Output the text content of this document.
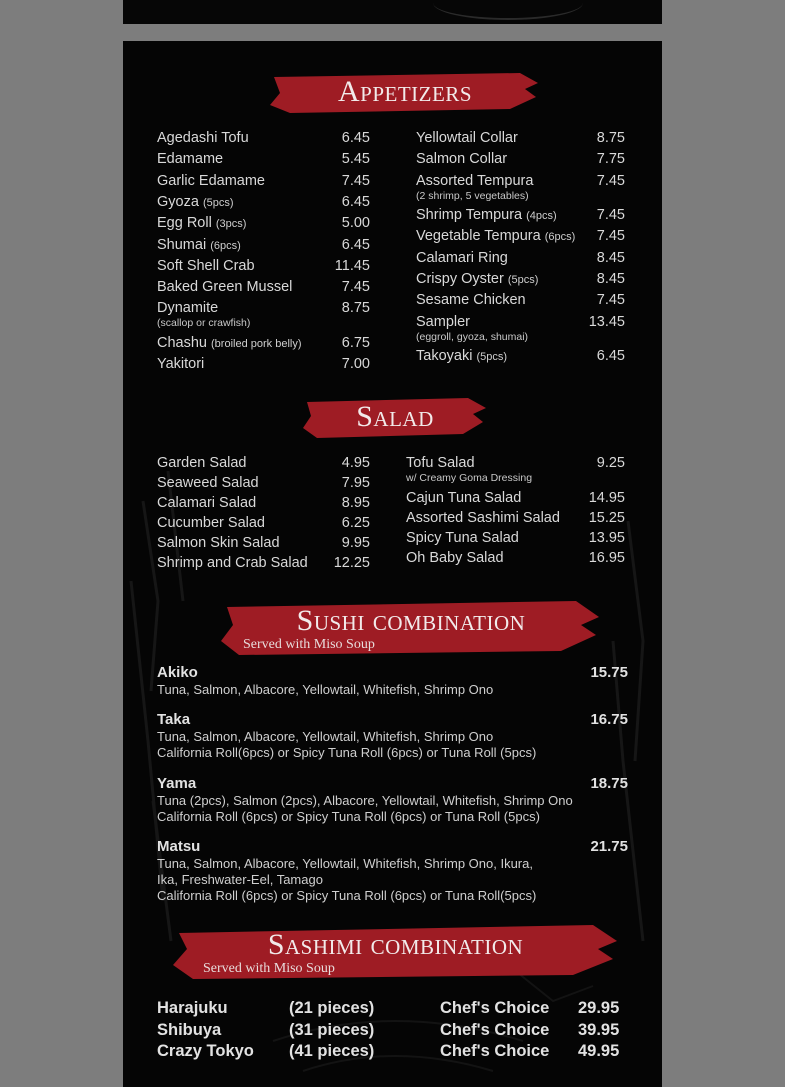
Appetizers
Agedashi Tofu	6.45
Edamame	5.45
Garlic Edamame	7.45
Gyoza (5pcs)	6.45
Egg Roll (3pcs)	5.00
Shumai (6pcs)	6.45
Soft Shell Crab	11.45
Baked Green Mussel	7.45
Dynamite	8.75
(scallop or crawfish)
Chashu (broiled pork belly)	6.75
Yakitori	7.00
Yellowtail Collar	8.75
Salmon Collar	7.75
Assorted Tempura	7.45
(2 shrimp, 5 vegetables)
Shrimp Tempura (4pcs)	7.45
Vegetable Tempura (6pcs)	7.45
Calamari Ring	8.45
Crispy Oyster (5pcs)	8.45
Sesame Chicken	7.45
Sampler	13.45
(eggroll, gyoza, shumai)
Takoyaki (5pcs)	6.45
Salad
Garden Salad	4.95
Seaweed Salad	7.95
Calamari Salad	8.95
Cucumber Salad	6.25
Salmon Skin Salad	9.95
Shrimp and Crab Salad	12.25
Tofu Salad	9.25
w/ Creamy Goma Dressing
Cajun Tuna Salad	14.95
Assorted Sashimi Salad	15.25
Spicy Tuna Salad	13.95
Oh Baby Salad	16.95
Sushi combination
Served with Miso Soup
Akiko	15.75
Tuna, Salmon, Albacore, Yellowtail, Whitefish, Shrimp Ono
Taka	16.75
Tuna, Salmon, Albacore, Yellowtail, Whitefish, Shrimp Ono
California Roll(6pcs) or Spicy Tuna Roll (6pcs) or Tuna Roll (5pcs)
Yama	18.75
Tuna (2pcs), Salmon (2pcs), Albacore, Yellowtail, Whitefish, Shrimp Ono
California Roll (6pcs) or Spicy Tuna Roll (6pcs) or Tuna Roll (5pcs)
Matsu	21.75
Tuna, Salmon, Albacore, Yellowtail, Whitefish, Shrimp Ono, Ikura,
Ika, Freshwater-Eel, Tamago
California Roll (6pcs) or Spicy Tuna Roll (6pcs) or Tuna Roll(5pcs)
Sashimi combination
Served with Miso Soup
Harajuku	(21 pieces)	Chef's Choice 29.95
Shibuya	(31 pieces)	Chef's Choice 39.95
Crazy Tokyo (41 pieces)	Chef's Choice 49.95
